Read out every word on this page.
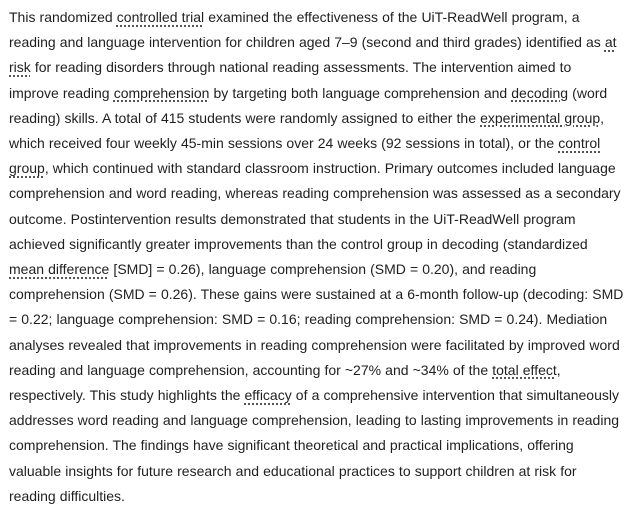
This randomized controlled trial examined the effectiveness of the UiT-ReadWell program, a reading and language intervention for children aged 7–9 (second and third grades) identified as at risk for reading disorders through national reading assessments. The intervention aimed to improve reading comprehension by targeting both language comprehension and decoding (word reading) skills. A total of 415 students were randomly assigned to either the experimental group, which received four weekly 45-min sessions over 24 weeks (92 sessions in total), or the control group, which continued with standard classroom instruction. Primary outcomes included language comprehension and word reading, whereas reading comprehension was assessed as a secondary outcome. Postintervention results demonstrated that students in the UiT-ReadWell program achieved significantly greater improvements than the control group in decoding (standardized mean difference [SMD] = 0.26), language comprehension (SMD = 0.20), and reading comprehension (SMD = 0.26). These gains were sustained at a 6-month follow-up (decoding: SMD = 0.22; language comprehension: SMD = 0.16; reading comprehension: SMD = 0.24). Mediation analyses revealed that improvements in reading comprehension were facilitated by improved word reading and language comprehension, accounting for ~27% and ~34% of the total effect, respectively. This study highlights the efficacy of a comprehensive intervention that simultaneously addresses word reading and language comprehension, leading to lasting improvements in reading comprehension. The findings have significant theoretical and practical implications, offering valuable insights for future research and educational practices to support children at risk for reading difficulties.
